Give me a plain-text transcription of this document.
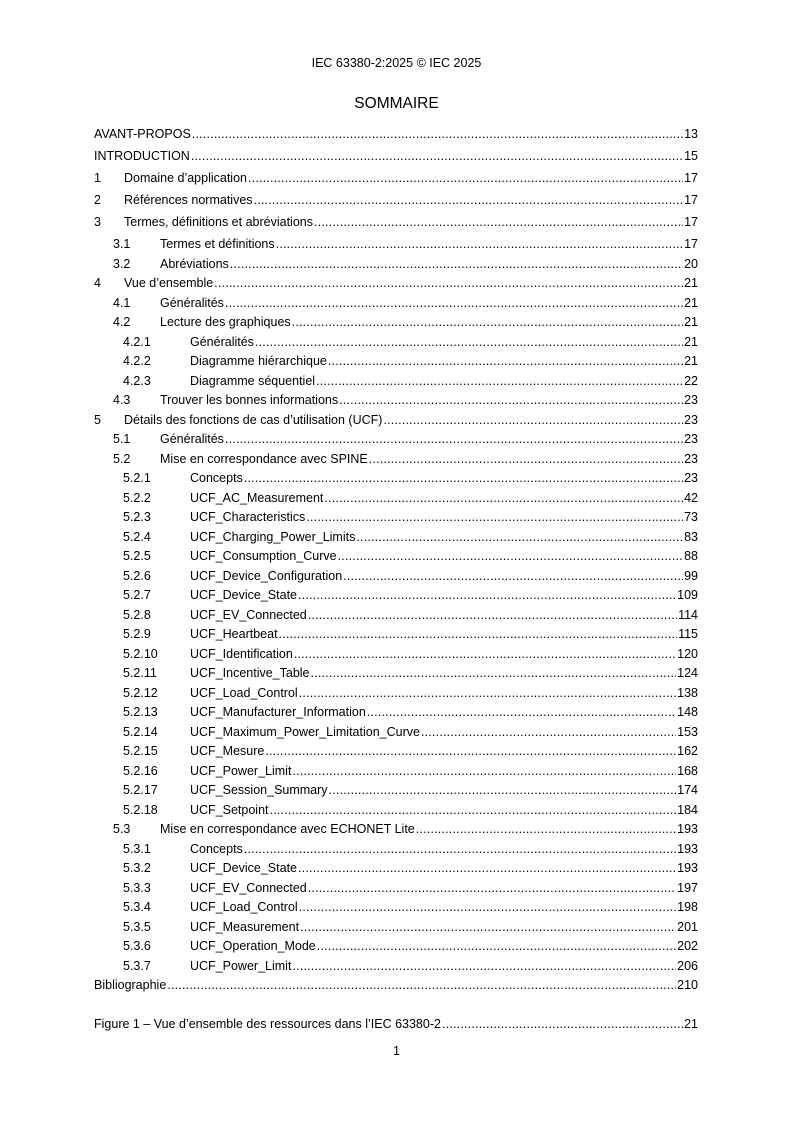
IEC 63380-2:2025 © IEC 2025
SOMMAIRE
AVANT-PROPOS .....	13
INTRODUCTION .....	15
1	Domaine d’application .....	17
2	Références normatives .....	17
3	Termes, définitions et abréviations .....	17
3.1	Termes et définitions .....	17
3.2	Abréviations .....	20
4	Vue d’ensemble .....	21
4.1	Généralités .....	21
4.2	Lecture des graphiques .....	21
4.2.1	Généralités .....	21
4.2.2	Diagramme hiérarchique .....	21
4.2.3	Diagramme séquentiel .....	22
4.3	Trouver les bonnes informations .....	23
5	Détails des fonctions de cas d’utilisation (UCF) .....	23
5.1	Généralités .....	23
5.2	Mise en correspondance avec SPINE .....	23
5.2.1	Concepts .....	23
5.2.2	UCF_AC_Measurement .....	42
5.2.3	UCF_Characteristics .....	73
5.2.4	UCF_Charging_Power_Limits .....	83
5.2.5	UCF_Consumption_Curve .....	88
5.2.6	UCF_Device_Configuration .....	99
5.2.7	UCF_Device_State .....	109
5.2.8	UCF_EV_Connected .....	114
5.2.9	UCF_Heartbeat .....	115
5.2.10	UCF_Identification .....	120
5.2.11	UCF_Incentive_Table .....	124
5.2.12	UCF_Load_Control .....	138
5.2.13	UCF_Manufacturer_Information .....	148
5.2.14	UCF_Maximum_Power_Limitation_Curve .....	153
5.2.15	UCF_Mesure .....	162
5.2.16	UCF_Power_Limit .....	168
5.2.17	UCF_Session_Summary .....	174
5.2.18	UCF_Setpoint .....	184
5.3	Mise en correspondance avec ECHONET Lite .....	193
5.3.1	Concepts .....	193
5.3.2	UCF_Device_State .....	193
5.3.3	UCF_EV_Connected .....	197
5.3.4	UCF_Load_Control .....	198
5.3.5	UCF_Measurement .....	201
5.3.6	UCF_Operation_Mode .....	202
5.3.7	UCF_Power_Limit .....	206
Bibliographie .....	210
Figure 1 – Vue d’ensemble des ressources dans l’IEC 63380-2 .....	21
1
